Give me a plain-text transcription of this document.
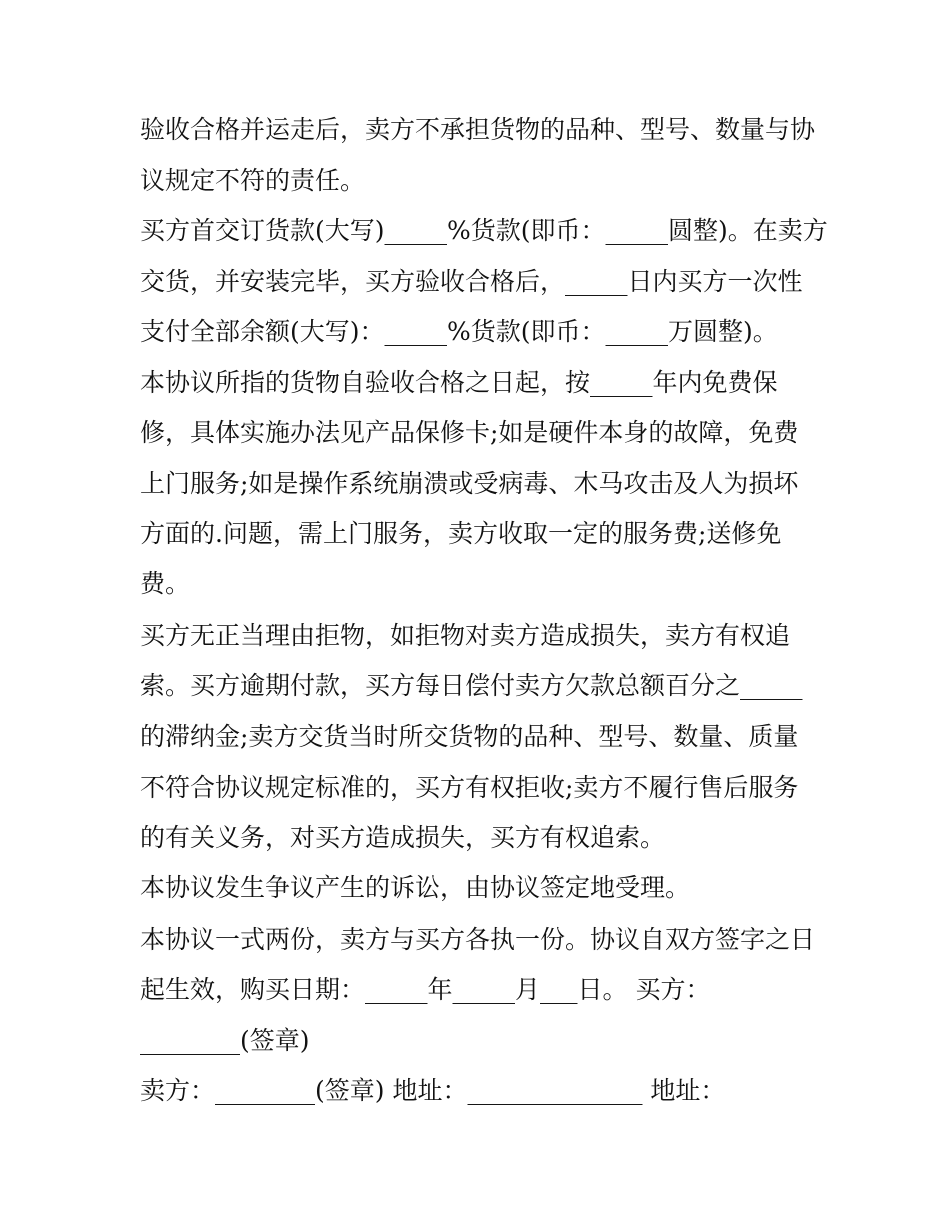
验收合格并运走后，卖方不承担货物的品种、型号、数量与协

议规定不符的责任。

买方首交订货款(大写)_____%货款(即币：_____圆整)。在卖方

交货，并安装完毕，买方验收合格后，_____日内买方一次性

支付全部余额(大写)：_____%货款(即币：_____万圆整)。

本协议所指的货物自验收合格之日起，按_____年内免费保

修，具体实施办法见产品保修卡;如是硬件本身的故障，免费

上门服务;如是操作系统崩溃或受病毒、木马攻击及人为损坏

方面的.问题，需上门服务，卖方收取一定的服务费;送修免

费。

买方无正当理由拒物，如拒物对卖方造成损失，卖方有权追

索。买方逾期付款，买方每日偿付卖方欠款总额百分之_____

的滞纳金;卖方交货当时所交货物的品种、型号、数量、质量

不符合协议规定标准的，买方有权拒收;卖方不履行售后服务

的有关义务，对买方造成损失，买方有权追索。

本协议发生争议产生的诉讼，由协议签定地受理。

本协议一式两份，卖方与买方各执一份。协议自双方签字之日

起生效，购买日期：_____年_____月___日。 买方：

________(签章)

卖方：________(签章) 地址：______________ 地址：
